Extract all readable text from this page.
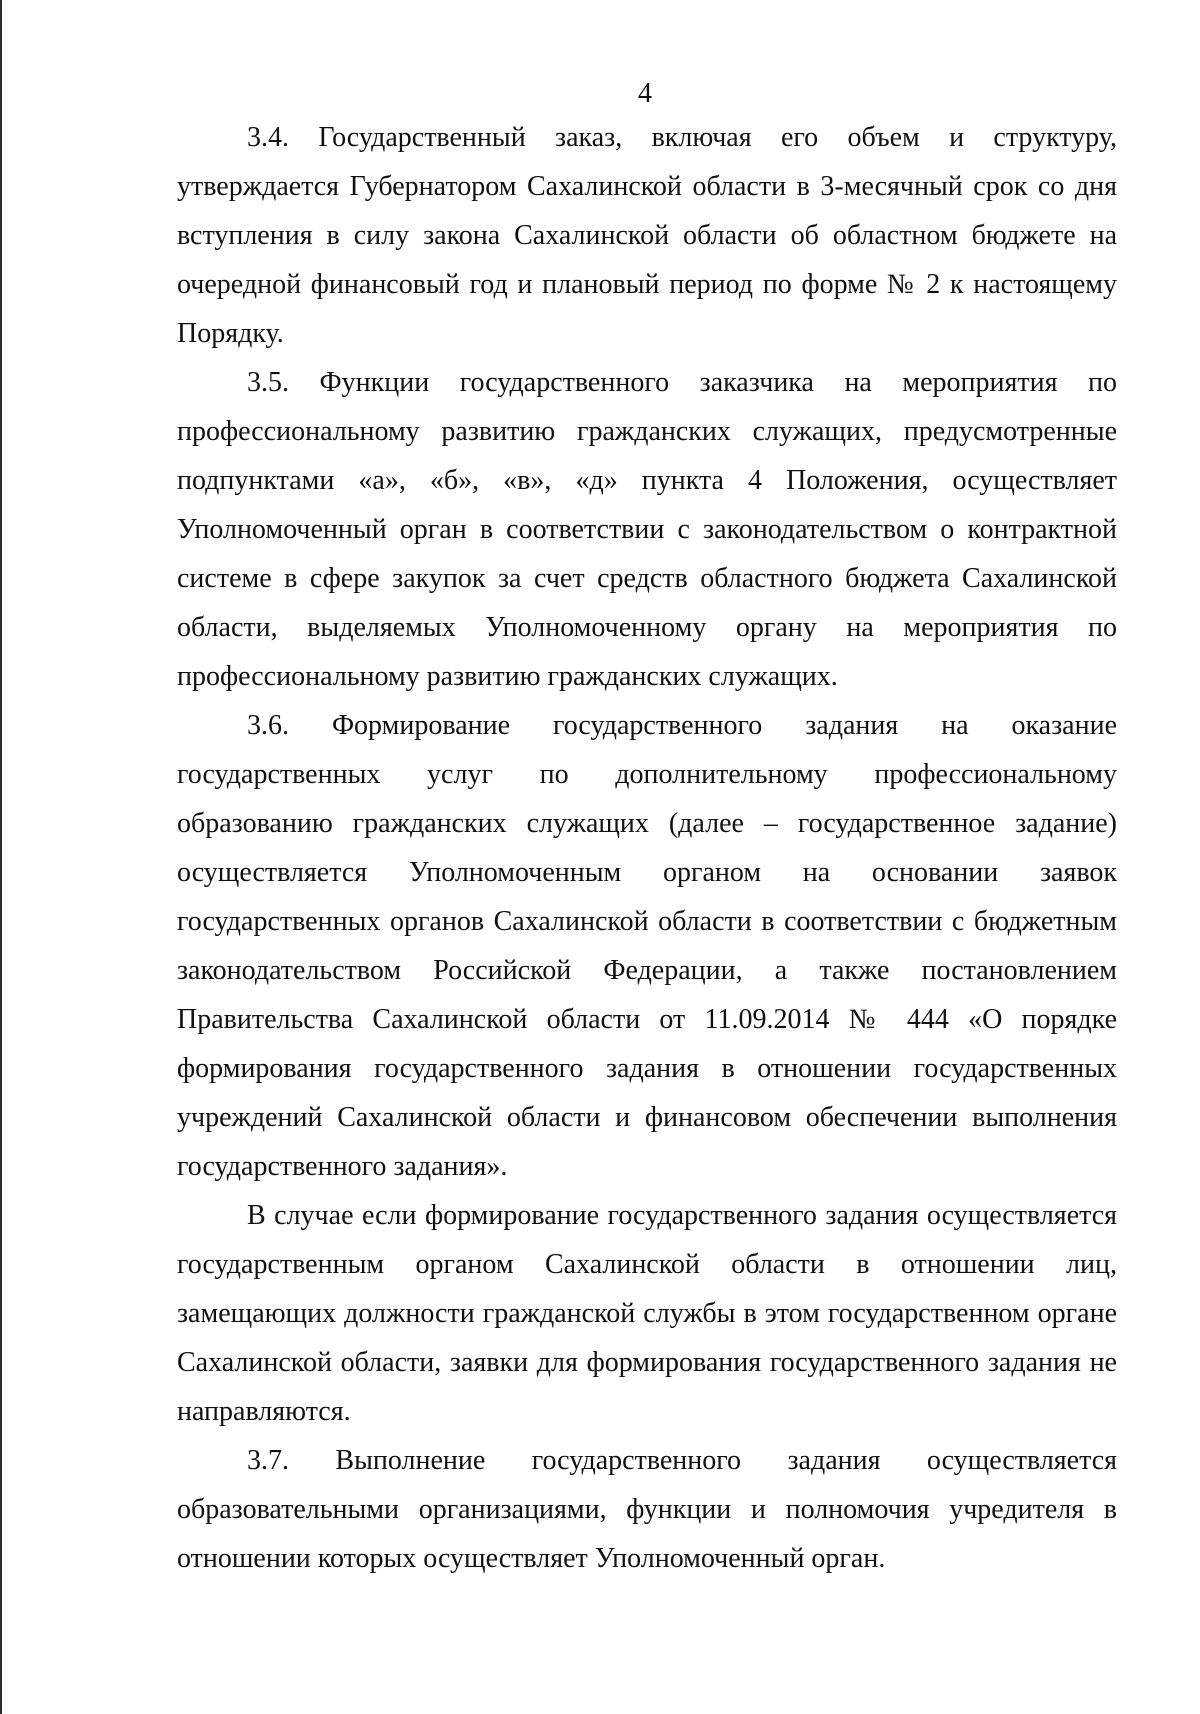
4

3.4. Государственный заказ, включая его объем и структуру, утверждается Губернатором Сахалинской области в 3-месячный срок со дня вступления в силу закона Сахалинской области об областном бюджете на очередной финансовый год и плановый период по форме № 2 к настоящему Порядку.

3.5. Функции государственного заказчика на мероприятия по профессиональному развитию гражданских служащих, предусмотренные подпунктами «а», «б», «в», «д» пункта 4 Положения, осуществляет Уполномоченный орган в соответствии с законодательством о контрактной системе в сфере закупок за счет средств областного бюджета Сахалинской области, выделяемых Уполномоченному органу на мероприятия по профессиональному развитию гражданских служащих.

3.6. Формирование государственного задания на оказание государственных услуг по дополнительному профессиональному образованию гражданских служащих (далее – государственное задание) осуществляется Уполномоченным органом на основании заявок государственных органов Сахалинской области в соответствии с бюджетным законодательством Российской Федерации, а также постановлением Правительства Сахалинской области от 11.09.2014 № 444 «О порядке формирования государственного задания в отношении государственных учреждений Сахалинской области и финансовом обеспечении выполнения государственного задания».

В случае если формирование государственного задания осуществляется государственным органом Сахалинской области в отношении лиц, замещающих должности гражданской службы в этом государственном органе Сахалинской области, заявки для формирования государственного задания не направляются.

3.7. Выполнение государственного задания осуществляется образовательными организациями, функции и полномочия учредителя в отношении которых осуществляет Уполномоченный орган.
